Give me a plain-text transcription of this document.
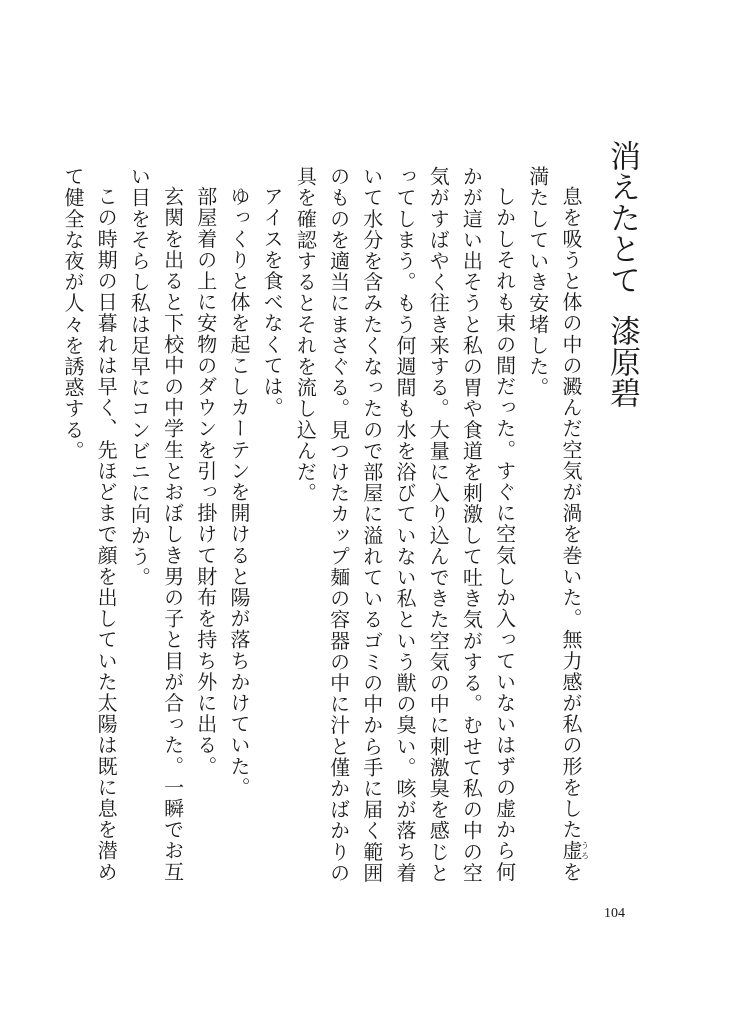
消えたとて漆原碧

息を吸うと体の中の澱んだ空気が渦を巻いた。無力感が私の形をした虚うろを満たしていき安堵した。

しかしそれも束の間だった。すぐに空気しか入っていないはずの虚から何かが這い出そうと私の胃や食道を刺激して吐き気がする。むせて私の中の空気がすばやく往き来する。大量に入り込んできた空気の中に刺激臭を感じとってしまう。もう何週間も水を浴びていない私という獣の臭い。咳が落ち着いて水分を含みたくなったので部屋に溢れているゴミの中から手に届く範囲のものを適当にまさぐる。見つけたカップ麺の容器の中に汁と僅かばかりの具を確認するとそれを流し込んだ。

アイスを食べなくては。

ゆっくりと体を起こしカーテンを開けると陽が落ちかけていた。

部屋着の上に安物のダウンを引っ掛けて財布を持ち外に出る。

玄関を出ると下校中の中学生とおぼしき男の子と目が合った。一瞬でお互い目をそらし私は足早にコンビニに向かう。

この時期の日暮れは早く、先ほどまで顔を出していた太陽は既に息を潜めて健全な夜が人々を誘惑する。

104
